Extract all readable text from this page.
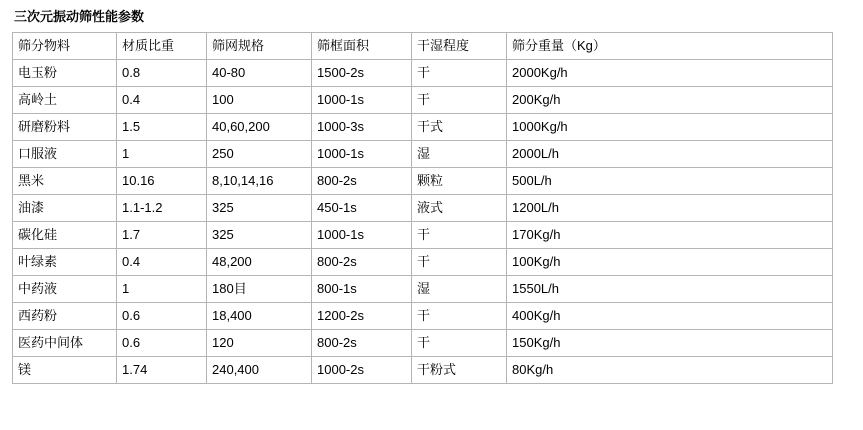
三次元振动筛性能参数
筛分物料	材质比重	筛网规格	筛框面积	干湿程度	筛分重量（Kg）
电玉粉	0.8	40-80	1500-2s	干	2000Kg/h
高岭土	0.4	100	1000-1s	干	200Kg/h
研磨粉料	1.5	40,60,200	1000-3s	干式	1000Kg/h
口服液	1	250	1000-1s	湿	2000L/h
黑米	10.16	8,10,14,16	800-2s	颗粒	500L/h
油漆	1.1-1.2	325	450-1s	液式	1200L/h
碳化硅	1.7	325	1000-1s	干	170Kg/h
叶绿素	0.4	48,200	800-2s	干	100Kg/h
中药液	1	180目	800-1s	湿	1550L/h
西药粉	0.6	18,400	1200-2s	干	400Kg/h
医药中间体	0.6	120	800-2s	干	150Kg/h
镁	1.74	240,400	1000-2s	干粉式	80Kg/h
